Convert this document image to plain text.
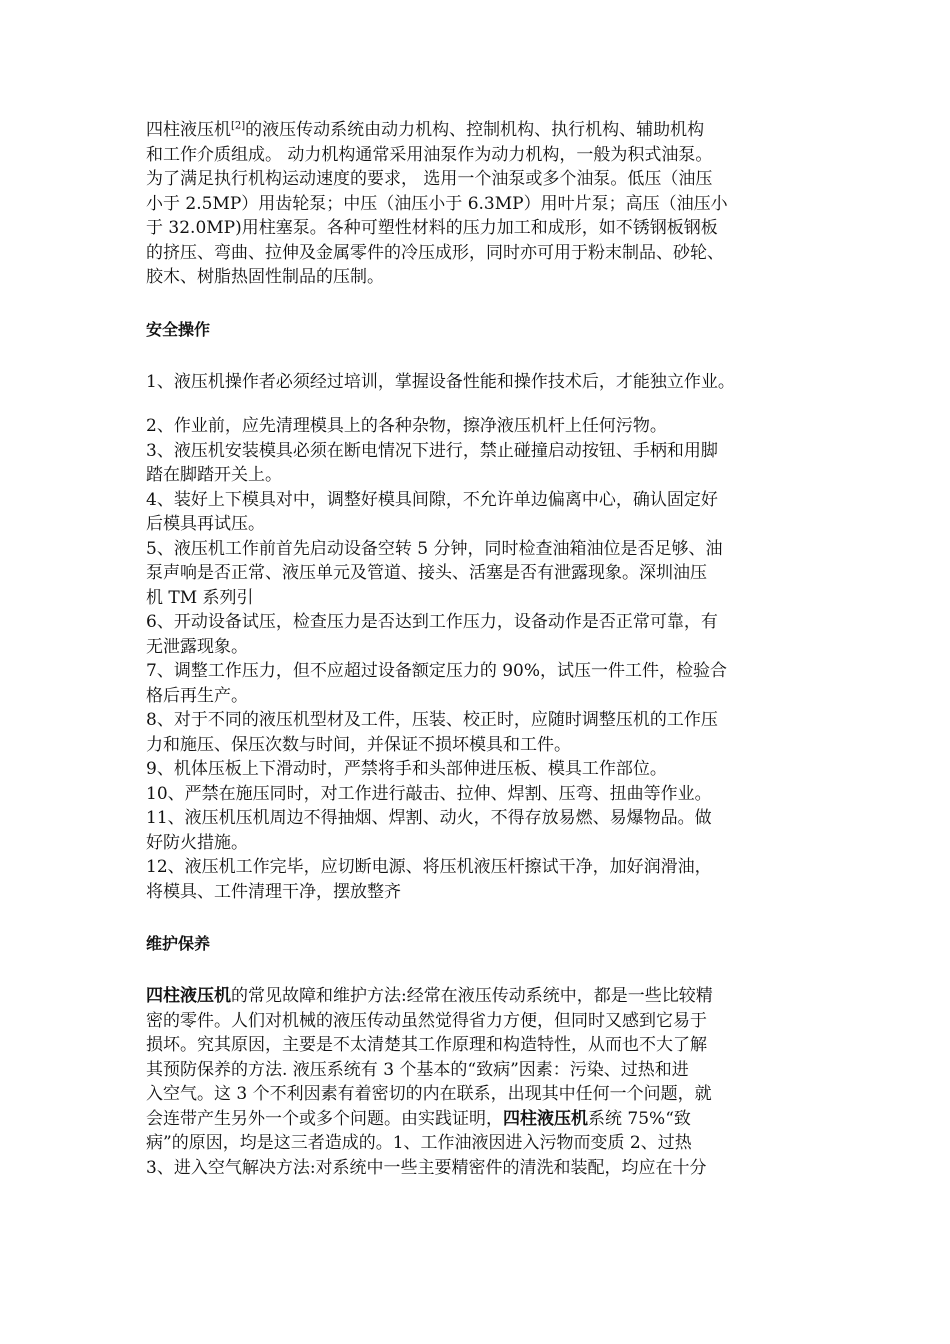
四柱液压机[2]的液压传动系统由动力机构、控制机构、执行机构、辅助机构

和工作介质组成。 动力机构通常采用油泵作为动力机构，一般为积式油泵。

为了满足执行机构运动速度的要求， 选用一个油泵或多个油泵。低压（油压

小于 2.5MP）用齿轮泵；中压（油压小于 6.3MP）用叶片泵；高压（油压小

于 32.0MP)用柱塞泵。各种可塑性材料的压力加工和成形，如不锈钢板钢板

的挤压、弯曲、拉伸及金属零件的冷压成形，同时亦可用于粉末制品、砂轮、

胶木、树脂热固性制品的压制。

安全操作

1、液压机操作者必须经过培训，掌握设备性能和操作技术后，才能独立作业。

2、作业前，应先清理模具上的各种杂物，擦净液压机杆上任何污物。

3、液压机安装模具必须在断电情况下进行，禁止碰撞启动按钮、手柄和用脚

踏在脚踏开关上。

4、装好上下模具对中，调整好模具间隙，不允许单边偏离中心，确认固定好

后模具再试压。

5、液压机工作前首先启动设备空转 5 分钟，同时检查油箱油位是否足够、油

泵声响是否正常、液压单元及管道、接头、活塞是否有泄露现象。深圳油压

机 TM 系列引

6、开动设备试压，检查压力是否达到工作压力，设备动作是否正常可靠，有

无泄露现象。

7、调整工作压力，但不应超过设备额定压力的 90%，试压一件工件，检验合

格后再生产。

8、对于不同的液压机型材及工件，压装、校正时，应随时调整压机的工作压

力和施压、保压次数与时间，并保证不损坏模具和工件。

9、机体压板上下滑动时，严禁将手和头部伸进压板、模具工作部位。

10、严禁在施压同时，对工作进行敲击、拉伸、焊割、压弯、扭曲等作业。

11、液压机压机周边不得抽烟、焊割、动火，不得存放易燃、易爆物品。做

好防火措施。

12、液压机工作完毕，应切断电源、将压机液压杆擦试干净，加好润滑油，

将模具、工件清理干净，摆放整齐

维护保养

四柱液压机的常见故障和维护方法:经常在液压传动系统中，都是一些比较精

密的零件。人们对机械的液压传动虽然觉得省力方便，但同时又感到它易于

损坏。究其原因，主要是不太清楚其工作原理和构造特性，从而也不大了解

其预防保养的方法. 液压系统有 3 个基本的“致病”因素：污染、过热和进

入空气。这 3 个不利因素有着密切的内在联系，出现其中任何一个问题，就

会连带产生另外一个或多个问题。由实践证明，四柱液压机系统 75%“致

病”的原因，均是这三者造成的。1、工作油液因进入污物而变质 2、过热

3、进入空气解决方法:对系统中一些主要精密件的清洗和装配，均应在十分
